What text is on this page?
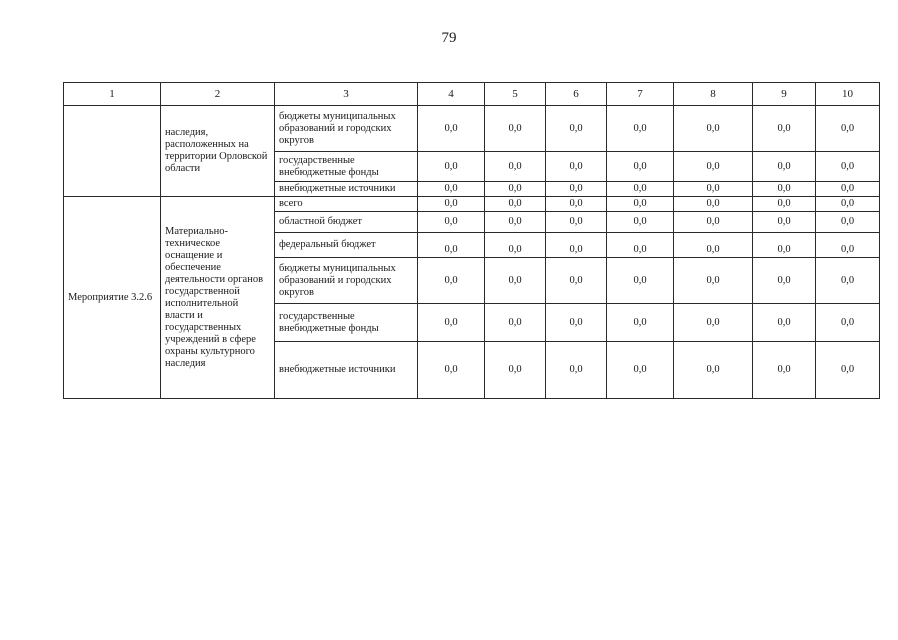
79
1	2	3	4	5	6	7	8	9	10
	наследия, расположенных на территории Орловской области	бюджеты муниципальных образований и городских округов	0,0	0,0	0,0	0,0	0,0	0,0	0,0
		государственные внебюджетные фонды	0,0	0,0	0,0	0,0	0,0	0,0	0,0
		внебюджетные источники	0,0	0,0	0,0	0,0	0,0	0,0	0,0
Мероприятие 3.2.6	Материально-техническое оснащение и обеспечение деятельности органов государственной исполнительной власти и государственных учреждений в сфере охраны культурного наследия	всего	0,0	0,0	0,0	0,0	0,0	0,0	0,0
		областной бюджет	0,0	0,0	0,0	0,0	0,0	0,0	0,0
		федеральный бюджет	0,0	0,0	0,0	0,0	0,0	0,0	0,0
		бюджеты муниципальных образований и городских округов	0,0	0,0	0,0	0,0	0,0	0,0	0,0
		государственные внебюджетные фонды	0,0	0,0	0,0	0,0	0,0	0,0	0,0
		внебюджетные источники	0,0	0,0	0,0	0,0	0,0	0,0	0,0
